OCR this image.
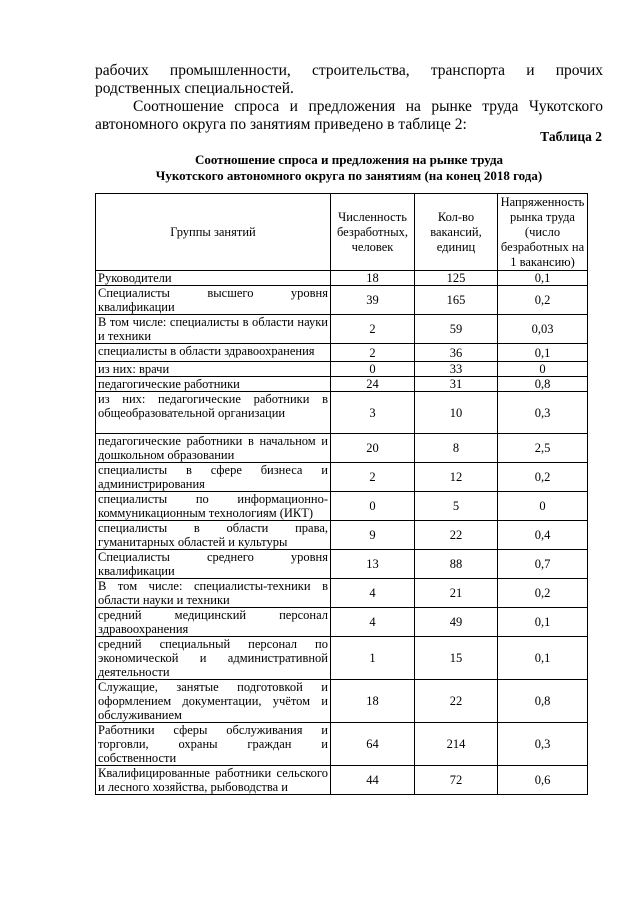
рабочих промышленности, строительства, транспорта и прочих родственных специальностей.
Соотношение спроса и предложения на рынке труда Чукотского автономного округа по занятиям приведено в таблице 2:
Таблица 2
Соотношение спроса и предложения на рынке труда
Чукотского автономного округа по занятиям (на конец 2018 года)
Группы занятий	Численность безработных, человек	Кол-во вакансий, единиц	Напряженность рынка труда (число безработных на 1 вакансию)
Руководители	18	125	0,1
Специалисты высшего уровня квалификации	39	165	0,2
В том числе: специалисты в области науки и техники	2	59	0,03
специалисты в области здравоохранения	2	36	0,1
из них: врачи	0	33	0
педагогические работники	24	31	0,8
из них: педагогические работники в общеобразовательной организации	3	10	0,3
педагогические работники в начальном и дошкольном образовании	20	8	2,5
специалисты в сфере бизнеса и администрирования	2	12	0,2
специалисты по информационно-коммуникационным технологиям (ИКТ)	0	5	0
специалисты в области права, гуманитарных областей и культуры	9	22	0,4
Специалисты среднего уровня квалификации	13	88	0,7
В том числе: специалисты-техники в области науки и техники	4	21	0,2
средний медицинский персонал здравоохранения	4	49	0,1
средний специальный персонал по экономической и административной деятельности	1	15	0,1
Служащие, занятые подготовкой и оформлением документации, учётом и обслуживанием	18	22	0,8
Работники сферы обслуживания и торговли, охраны граждан и собственности	64	214	0,3
Квалифицированные работники сельского и лесного хозяйства, рыбоводства и	44	72	0,6
